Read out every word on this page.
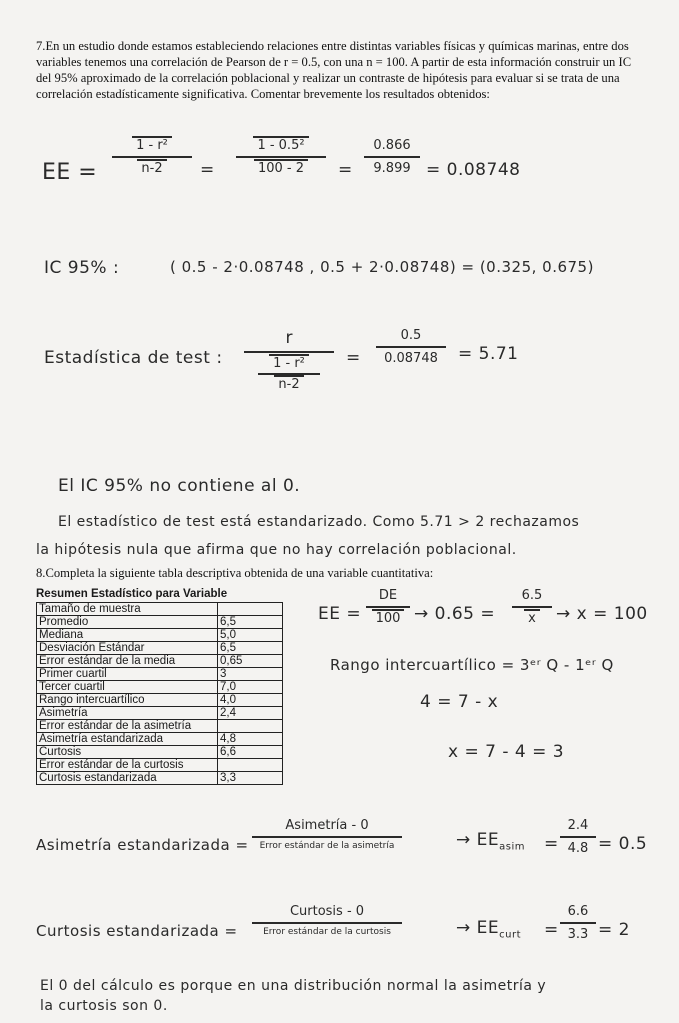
7.En un estudio donde estamos estableciendo relaciones entre distintas variables físicas y químicas marinas, entre dos variables tenemos una correlación de Pearson de r = 0.5, con una n = 100. A partir de esta información construir un IC del 95% aproximado de la correlación poblacional y realizar un contraste de hipótesis para evaluar si se trata de una correlación estadísticamente significativa. Comentar brevemente los resultados obtenidos:
EE =
1 - r²
n-2	=
1 - 0.5²
100 - 2	=
0.866
9.899 = 0.08748
IC 95% :	( 0.5 - 2·0.08748 , 0.5 + 2·0.08748) = (0.325, 0.675)
Estadística de test :
r
1 - r²
n-2
=
0.5
0.08748	= 5.71
El IC 95% no contiene al 0.
El estadístico de test está estandarizado. Como 5.71 > 2 rechazamos
la hipótesis nula que afirma que no hay correlación poblacional.
8.Completa la siguiente tabla descriptiva obtenida de una variable cuantitativa:
Resumen Estadístico para Variable
Tamaño de muestra	
Promedio	6,5
Mediana	5,0
Desviación Estándar	6,5
Error estándar de la media	0,65
Primer cuartil	3
Tercer cuartil	7,0
Rango intercuartílico	4,0
Asimetría	2,4
Error estándar de la asimetría	
Asimetría estandarizada	4,8
Curtosis	6,6
Error estándar de la curtosis	
Curtosis estandarizada	3,3
EE =
DE
100 → 0.65 =
6.5
x	→ x = 100
Rango intercuartílico = 3ᵉʳ Q - 1ᵉʳ Q
4 = 7 - x
x = 7 - 4 = 3
Asimetría estandarizada =
Asimetría - 0
Error estándar de la asimetría	→ $EE_{asim}$ =
2.4
4.8 = 0.5
Curtosis estandarizada =
Curtosis - 0
Error estándar de la curtosis	→ $EE_{curt}$ =
6.6
3.3 = 2
El 0 del cálculo es porque en una distribución normal la asimetría y
la curtosis son 0.
